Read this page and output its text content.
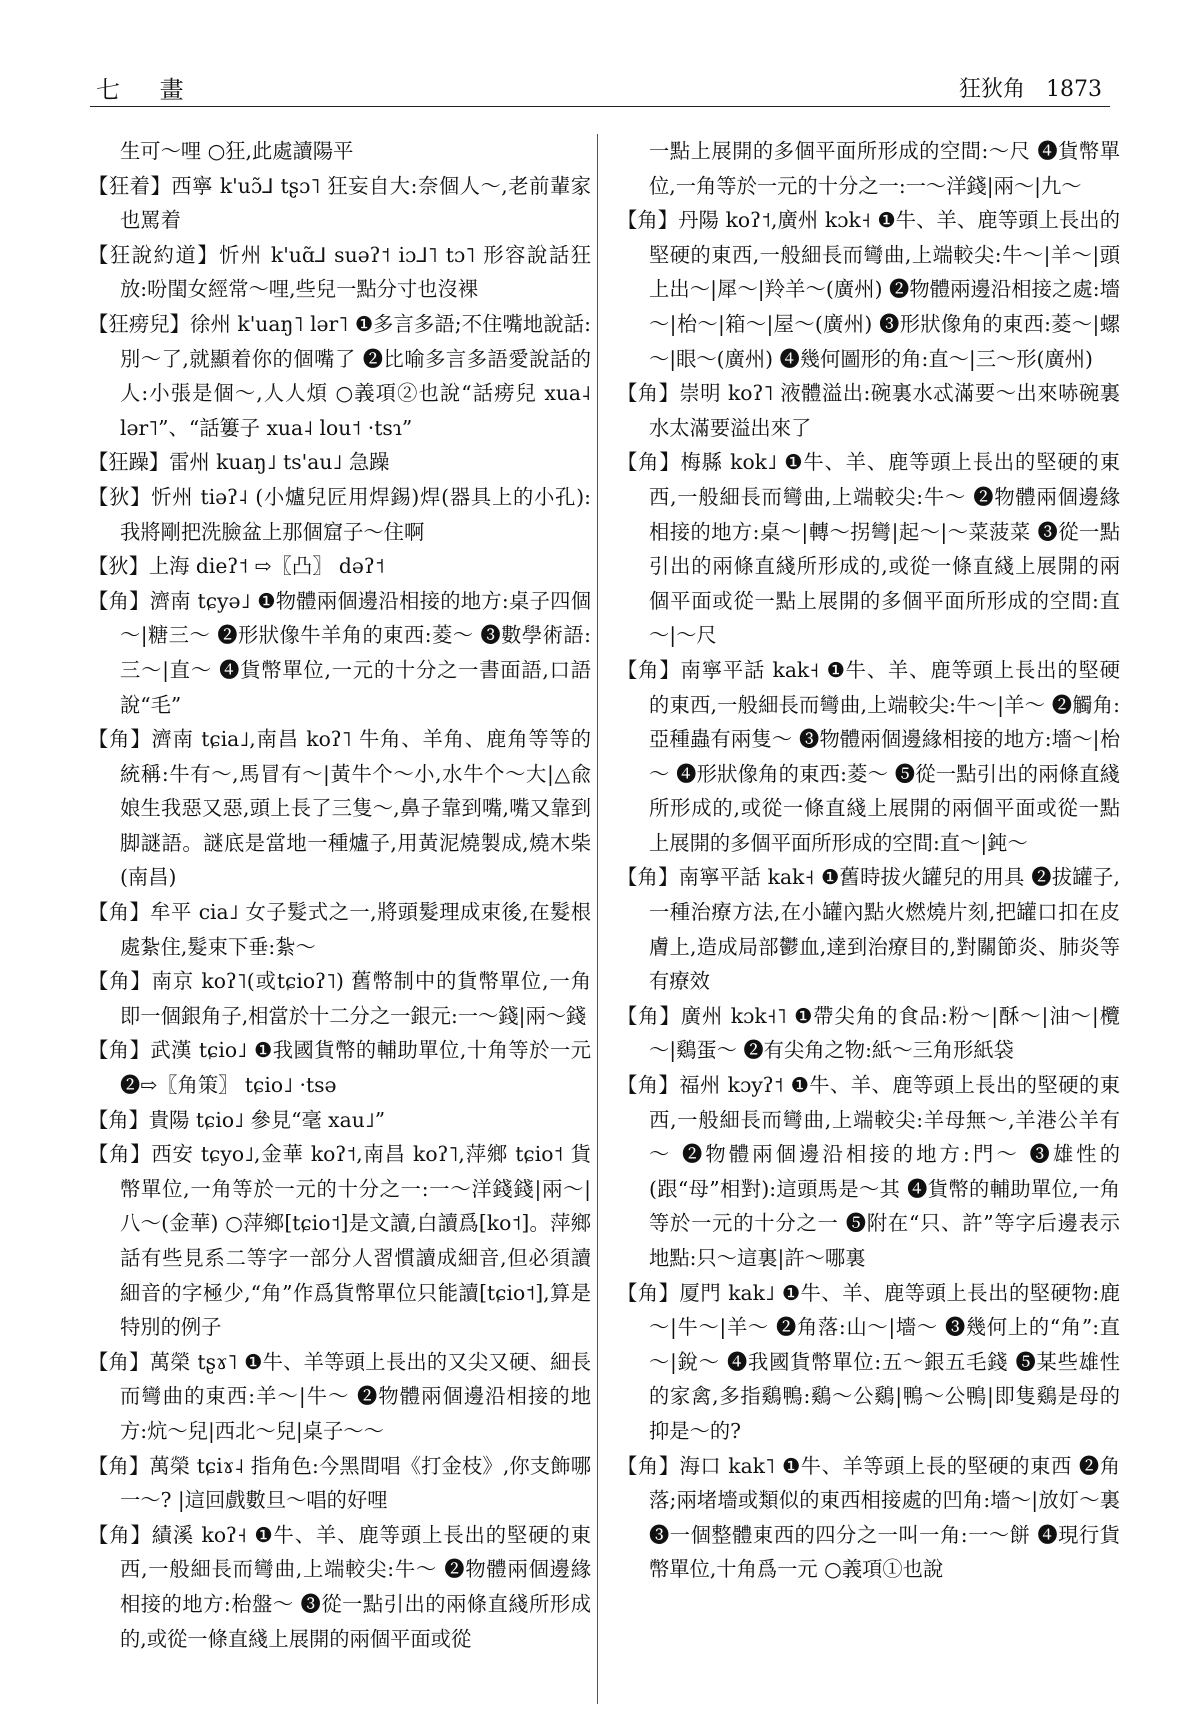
七 畫	狂狄角 1873
生可～哩 ○狂,此處讀陽平
【狂着】西寧 k'uɔ̃⅃ tʂɔ˥ 狂妄自大:奈個人～,老前輩家也罵着
【狂說約道】忻州 k'uɑ̃⅃ suəʔ˦ iɔ⅃˥ tɔ˥ 形容說話狂放:吩閨女經常～哩,些兒一點分寸也沒裸
【狂痨兒】徐州 k'uaŋ˥ lər˥ ❶多言多語;不住嘴地說話:別～了,就顯着你的個嘴了 ❷比喻多言多語愛說話的人:小張是個～,人人煩 ○義項②也說“話痨兒 xua˨ lər˥”、“話簍子 xua˨ lou˦ ·tsɿ”
【狂躁】雷州 kuaŋ˩ ts'au˩ 急躁
【狄】忻州 tiəʔ˨ (小爐兒匠用焊錫)焊(器具上的小孔):我將剛把洗臉盆上那個窟子～住啊
【狄】上海 dieʔ˦ ⇨〖凸〗 dəʔ˦
【角】濟南 tɕyə˩ ❶物體兩個邊沿相接的地方:桌子四個～|糖三～ ❷形狀像牛羊角的東西:菱～ ❸數學術語:三～|直～ ❹貨幣單位,一元的十分之一書面語,口語說“毛”
【角】濟南 tɕia˩,南昌 koʔ˥ 牛角、羊角、鹿角等等的統稱:牛有～,馬冒有～|黃牛个～小,水牛个～大|△兪娘生我惡又惡,頭上長了三隻～,鼻子靠到嘴,嘴又靠到脚謎語。謎底是當地一種爐子,用黃泥燒製成,燒木柴(南昌)
【角】牟平 cia˩ 女子髮式之一,將頭髮理成束後,在髮根處紮住,髮束下垂:紮～
【角】南京 koʔ˥(或tɕioʔ˥) 舊幣制中的貨幣單位,一角即一個銀角子,相當於十二分之一銀元:一～錢|兩～錢
【角】武漢 tɕio˩ ❶我國貨幣的輔助單位,十角等於一元 ❷⇨〖角策〗 tɕio˩ ·tsə
【角】貴陽 tɕio˩ 參見“毫 xau˩”
【角】西安 tɕyo˩,金華 koʔ˦,南昌 koʔ˥,萍鄉 tɕio˦ 貨幣單位,一角等於一元的十分之一:一～洋錢錢|兩～|八～(金華) ○萍鄉[tɕio˦]是文讀,白讀爲[ko˦]。萍鄉話有些見系二等字一部分人習慣讀成細音,但必須讀細音的字極少,“角”作爲貨幣單位只能讀[tɕio˦],算是特別的例子
【角】萬榮 tʂɤ˥ ❶牛、羊等頭上長出的又尖又硬、細長而彎曲的東西:羊～|牛～ ❷物體兩個邊沿相接的地方:炕～兒|西北～兒|桌子～～
【角】萬榮 tɕiɤ˨ 指角色:今黑間唱《打金枝》,你支飾哪一～? |這回戲數旦～唱的好哩
【角】績溪 koʔ˧ ❶牛、羊、鹿等頭上長出的堅硬的東西,一般細長而彎曲,上端較尖:牛～ ❷物體兩個邊緣相接的地方:枱盤～ ❸從一點引出的兩條直綫所形成的,或從一條直綫上展開的兩個平面或從
一點上展開的多個平面所形成的空間:～尺 ❹貨幣單位,一角等於一元的十分之一:一～洋錢|兩～|九～
【角】丹陽 koʔ˦,廣州 kɔk˧ ❶牛、羊、鹿等頭上長出的堅硬的東西,一般細長而彎曲,上端較尖:牛～|羊～|頭上出～|犀～|羚羊～(廣州) ❷物體兩邊沿相接之處:墻～|枱～|箱～|屋～(廣州) ❸形狀像角的東西:菱～|螺～|眼～(廣州) ❹幾何圖形的角:直～|三～形(廣州)
【角】崇明 koʔ˥ 液體溢出:碗裏水忒滿要～出來哧碗裏水太滿要溢出來了
【角】梅縣 kok˩ ❶牛、羊、鹿等頭上長出的堅硬的東西,一般細長而彎曲,上端較尖:牛～ ❷物體兩個邊緣相接的地方:桌～|轉～拐彎|起～|～菜菠菜 ❸從一點引出的兩條直綫所形成的,或從一條直綫上展開的兩個平面或從一點上展開的多個平面所形成的空間:直～|～尺
【角】南寧平話 kak˧ ❶牛、羊、鹿等頭上長出的堅硬的東西,一般細長而彎曲,上端較尖:牛～|羊～ ❷觸角:亞種蟲有兩隻～ ❸物體兩個邊緣相接的地方:墻～|枱～ ❹形狀像角的東西:菱～ ❺從一點引出的兩條直綫所形成的,或從一條直綫上展開的兩個平面或從一點上展開的多個平面所形成的空間:直～|鈍～
【角】南寧平話 kak˧ ❶舊時拔火罐兒的用具 ❷拔罐子,一種治療方法,在小罐內點火燃燒片刻,把罐口扣在皮膚上,造成局部鬱血,達到治療目的,對關節炎、肺炎等有療效
【角】廣州 kɔk˧˥ ❶帶尖角的食品:粉～|酥～|油～|欖～|鷄蛋～ ❷有尖角之物:紙～三角形紙袋
【角】福州 kɔyʔ˦ ❶牛、羊、鹿等頭上長出的堅硬的東西,一般細長而彎曲,上端較尖:羊母無～,羊港公羊有～ ❷物體兩個邊沿相接的地方:門～ ❸雄性的(跟“母”相對):這頭馬是～其 ❹貨幣的輔助單位,一角等於一元的十分之一 ❺附在“只、許”等字后邊表示地點:只～這裏|許～哪裏
【角】厦門 kak˩ ❶牛、羊、鹿等頭上長出的堅硬物:鹿～|牛～|羊～ ❷角落:山～|墻～ ❸幾何上的“角”:直～|銳～ ❹我國貨幣單位:五～銀五毛錢 ❺某些雄性的家禽,多指鷄鴨:鷄～公鷄|鴨～公鴨|即隻鷄是母的抑是～的?
【角】海口 kak˥ ❶牛、羊等頭上長的堅硬的東西 ❷角落;兩堵墻或類似的東西相接處的凹角:墻～|放奵～裏 ❸一個整體東西的四分之一叫一角:一～餅 ❹現行貨幣單位,十角爲一元 ○義項①也說
